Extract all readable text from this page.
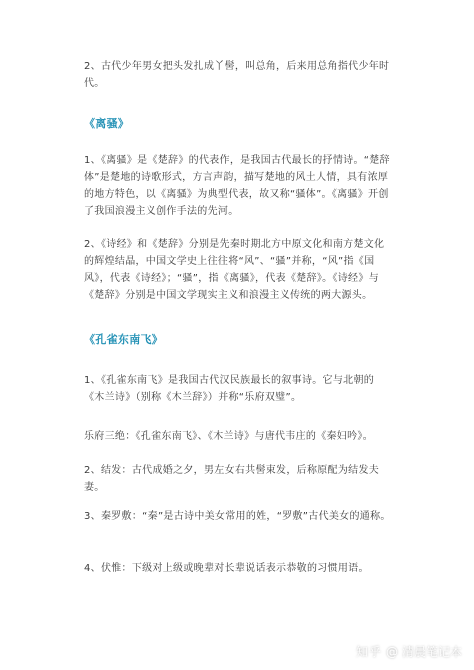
2、古代少年男女把头发扎成丫髻，叫总角，后来用总角指代少年时代。

《离骚》

1、《离骚》是《楚辞》的代表作，是我国古代最长的抒情诗。“楚辞体”是楚地的诗歌形式，方言声韵，描写楚地的风土人情，具有浓厚的地方特色，以《离骚》为典型代表，故又称“骚体”。《离骚》开创了我国浪漫主义创作手法的先河。

2、《诗经》和《楚辞》分别是先秦时期北方中原文化和南方楚文化的辉煌结晶，中国文学史上往往将“风”、“骚”并称，“风”指《国风》，代表《诗经》；“骚”，指《离骚》，代表《楚辞》。《诗经》与《楚辞》分别是中国文学现实主义和浪漫主义传统的两大源头。

《孔雀东南飞》

1、《孔雀东南飞》是我国古代汉民族最长的叙事诗。它与北朝的《木兰诗》（别称《木兰辞》）并称“乐府双璧”。

乐府三绝：《孔雀东南飞》、《木兰诗》与唐代韦庄的《秦妇吟》。

2、结发：古代成婚之夕，男左女右共髻束发，后称原配为结发夫妻。

3、秦罗敷：“秦”是古诗中美女常用的姓，“罗敷”古代美女的通称。

4、伏惟：下级对上级或晚辈对长辈说话表示恭敬的习惯用语。

知乎 @ 清晨笔记本
